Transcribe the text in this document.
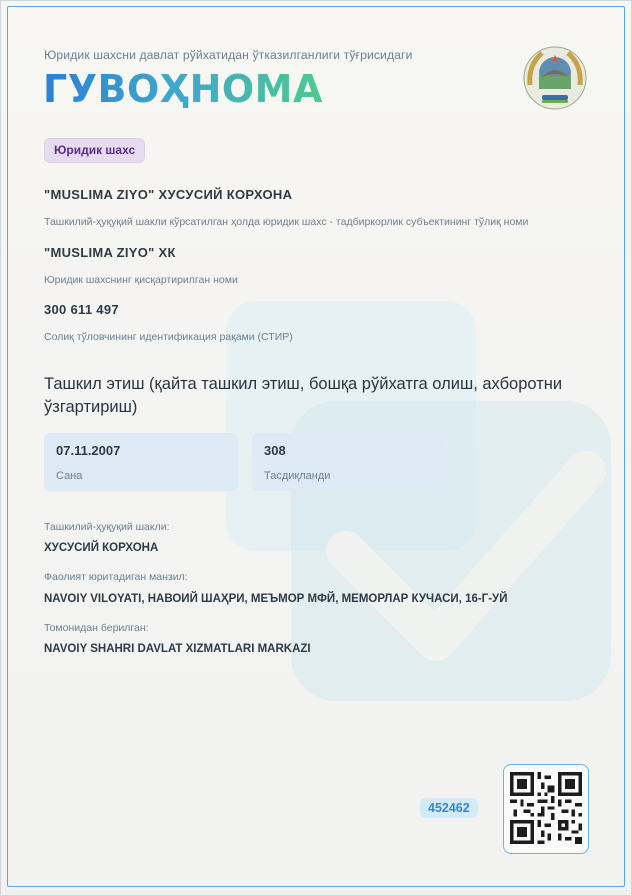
Юридик шахсни давлат рўйхатидан ўтказилганлиги тўғрисидаги
ГУВОҲНОМА
Юридик шахс
"MUSLIMA ZIYO" ХУСУСИЙ КОРХОНА
Ташкилий-ҳуқуқий шакли кўрсатилган ҳолда юридик шахс - тадбиркорлик субъектининг тўлиқ номи
"MUSLIMA ZIYO" ХК
Юридик шахснинг қисқартирилган номи
300 611 497
Солиқ тўловчининг идентификация рақами (СТИР)
Ташкил этиш (қайта ташкил этиш, бошқа рўйхатга олиш, ахборотни ўзгартириш)
07.11.2007
Сана
308
Тасдиқланди
Ташкилий-ҳуқуқий шакли:
ХУСУСИЙ КОРХОНА
Фаолият юритадиган манзил:
NAVOIY VILOYATI, НАВОИЙ ШАҲРИ, МЕЪМОР МФЙ, МЕМОРЛАР КУЧАСИ, 16-Г-УЙ
Томонидан берилган:
NAVOIY SHAHRI DAVLAT XIZMATLARI MARKAZI
452462
